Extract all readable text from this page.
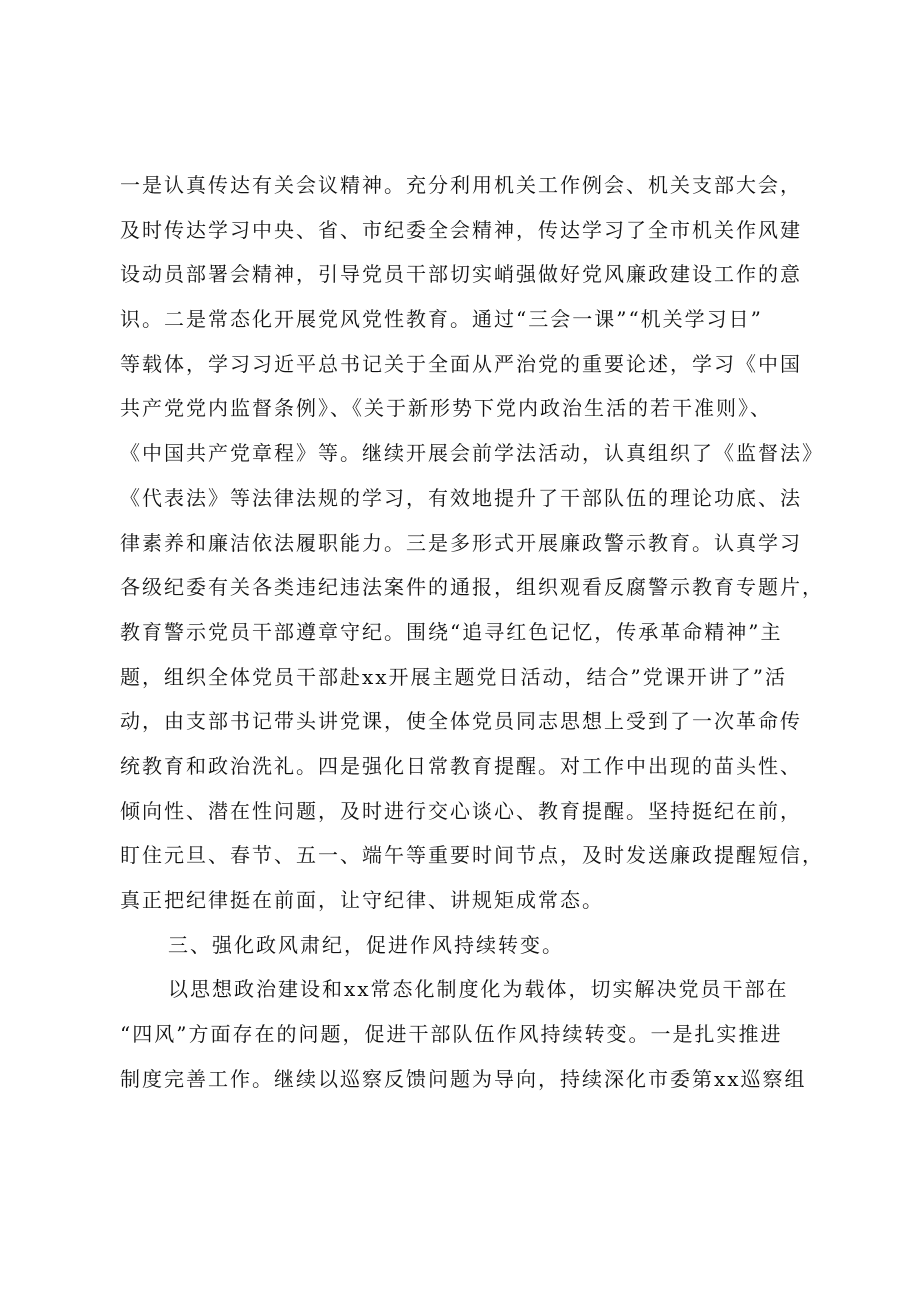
一是认真传达有关会议精神。充分利用机关工作例会、机关支部大会，
及时传达学习中央、省、市纪委全会精神，传达学习了全市机关作风建
设动员部署会精神，引导党员干部切实峭强做好党风廉政建设工作的意
识。二是常态化开展党风党性教育。通过“三会一课”“机关学习日”
等载体，学习习近平总书记关于全面从严治党的重要论述，学习《中国
共产党党内监督条例》、《关于新形势下党内政治生活的若干准则》、
《中国共产党章程》等。继续开展会前学法活动，认真组织了《监督法》
《代表法》等法律法规的学习，有效地提升了干部队伍的理论功底、法
律素养和廉洁依法履职能力。三是多形式开展廉政警示教育。认真学习
各级纪委有关各类违纪违法案件的通报，组织观看反腐警示教育专题片，
教育警示党员干部遵章守纪。围绕“追寻红色记忆，传承革命精神”主
题，组织全体党员干部赴xx开展主题党日活动，结合”党课开讲了”活
动，由支部书记带头讲党课，使全体党员同志思想上受到了一次革命传
统教育和政治洗礼。四是强化日常教育提醒。对工作中出现的苗头性、
倾向性、潜在性问题，及时进行交心谈心、教育提醒。坚持挺纪在前，
盯住元旦、春节、五一、端午等重要时间节点，及时发送廉政提醒短信，
真正把纪律挺在前面，让守纪律、讲规矩成常态。
三、强化政风肃纪，促进作风持续转变。
以思想政治建设和xx常态化制度化为载体，切实解决党员干部在
“四风”方面存在的问题，促进干部队伍作风持续转变。一是扎实推进
制度完善工作。继续以巡察反馈问题为导向，持续深化市委第xx巡察组
